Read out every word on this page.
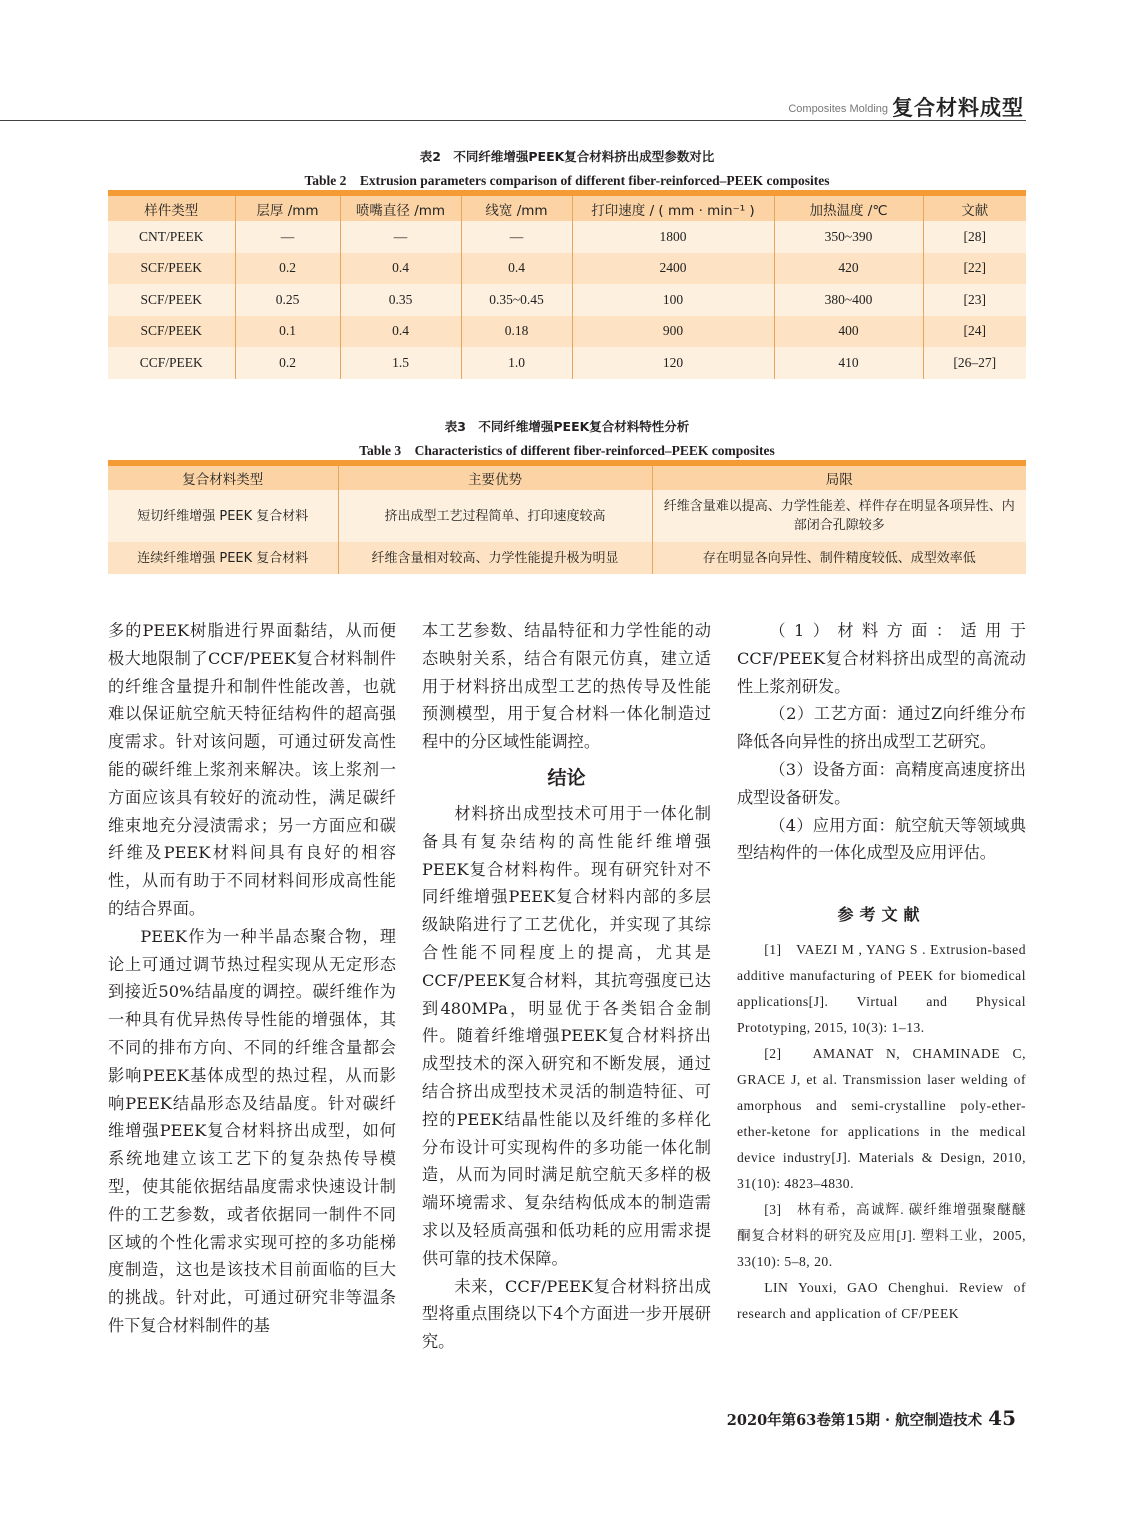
Composites Molding 复合材料成型
表2　不同纤维增强PEEK复合材料挤出成型参数对比
Table 2　Extrusion parameters comparison of different fiber-reinforced–PEEK composites
样件类型	层厚 /mm	喷嘴直径 /mm	线宽 /mm	打印速度 / ( mm · min⁻¹ )	加热温度 /℃	文献
CNT/PEEK	—	—	—	1800	350~390	[28]
SCF/PEEK	0.2	0.4	0.4	2400	420	[22]
SCF/PEEK	0.25	0.35	0.35~0.45	100	380~400	[23]
SCF/PEEK	0.1	0.4	0.18	900	400	[24]
CCF/PEEK	0.2	1.5	1.0	120	410	[26–27]
表3　不同纤维增强PEEK复合材料特性分析
Table 3　Characteristics of different fiber-reinforced–PEEK composites
复合材料类型	主要优势	局限
短切纤维增强 PEEK 复合材料	挤出成型工艺过程简单、打印速度较高	纤维含量难以提高、力学性能差、样件存在明显各项异性、内部闭合孔隙较多
连续纤维增强 PEEK 复合材料	纤维含量相对较高、力学性能提升极为明显	存在明显各向异性、制件精度较低、成型效率低

多的PEEK树脂进行界面黏结，从而便极大地限制了CCF/PEEK复合材料制件的纤维含量提升和制件性能改善，也就难以保证航空航天特征结构件的超高强度需求。针对该问题，可通过研发高性能的碳纤维上浆剂来解决。该上浆剂一方面应该具有较好的流动性，满足碳纤维束地充分浸渍需求；另一方面应和碳纤维及PEEK材料间具有良好的相容性，从而有助于不同材料间形成高性能的结合界面。

PEEK作为一种半晶态聚合物，理论上可通过调节热过程实现从无定形态到接近50%结晶度的调控。碳纤维作为一种具有优异热传导性能的增强体，其不同的排布方向、不同的纤维含量都会影响PEEK基体成型的热过程，从而影响PEEK结晶形态及结晶度。针对碳纤维增强PEEK复合材料挤出成型，如何系统地建立该工艺下的复杂热传导模型，使其能依据结晶度需求快速设计制件的工艺参数，或者依据同一制件不同区域的个性化需求实现可控的多功能梯度制造，这也是该技术目前面临的巨大的挑战。针对此，可通过研究非等温条件下复合材料制件的基

本工艺参数、结晶特征和力学性能的动态映射关系，结合有限元仿真，建立适用于材料挤出成型工艺的热传导及性能预测模型，用于复合材料一体化制造过程中的分区域性能调控。

结论

材料挤出成型技术可用于一体化制备具有复杂结构的高性能纤维增强PEEK复合材料构件。现有研究针对不同纤维增强PEEK复合材料内部的多层级缺陷进行了工艺优化，并实现了其综合性能不同程度上的提高，尤其是CCF/PEEK复合材料，其抗弯强度已达到480MPa，明显优于各类铝合金制件。随着纤维增强PEEK复合材料挤出成型技术的深入研究和不断发展，通过结合挤出成型技术灵活的制造特征、可控的PEEK结晶性能以及纤维的多样化分布设计可实现构件的多功能一体化制造，从而为同时满足航空航天多样的极端环境需求、复杂结构低成本的制造需求以及轻质高强和低功耗的应用需求提供可靠的技术保障。

未来，CCF/PEEK复合材料挤出成型将重点围绕以下4个方面进一步开展研究。

（1）材料方面：适用于CCF/PEEK复合材料挤出成型的高流动性上浆剂研发。

（2）工艺方面：通过Z向纤维分布降低各向异性的挤出成型工艺研究。

（3）设备方面：高精度高速度挤出成型设备研发。

（4）应用方面：航空航天等领域典型结构件的一体化成型及应用评估。

参考文献

[1]　VAEZI M , YANG S . Extrusion-based additive manufacturing of PEEK for biomedical applications[J]. Virtual and Physical Prototyping, 2015, 10(3): 1–13.

[2]　AMANAT N, CHAMINADE C, GRACE J, et al. Transmission laser welding of amorphous and semi-crystalline poly-ether-ether-ketone for applications in the medical device industry[J]. Materials & Design, 2010, 31(10): 4823–4830.

[3]　林有希，高诚辉. 碳纤维增强聚醚醚酮复合材料的研究及应用[J]. 塑料工业，2005, 33(10): 5–8, 20.

LIN Youxi, GAO Chenghui. Review of research and application of CF/PEEK

2020年第63卷第15期 · 航空制造技术 45
